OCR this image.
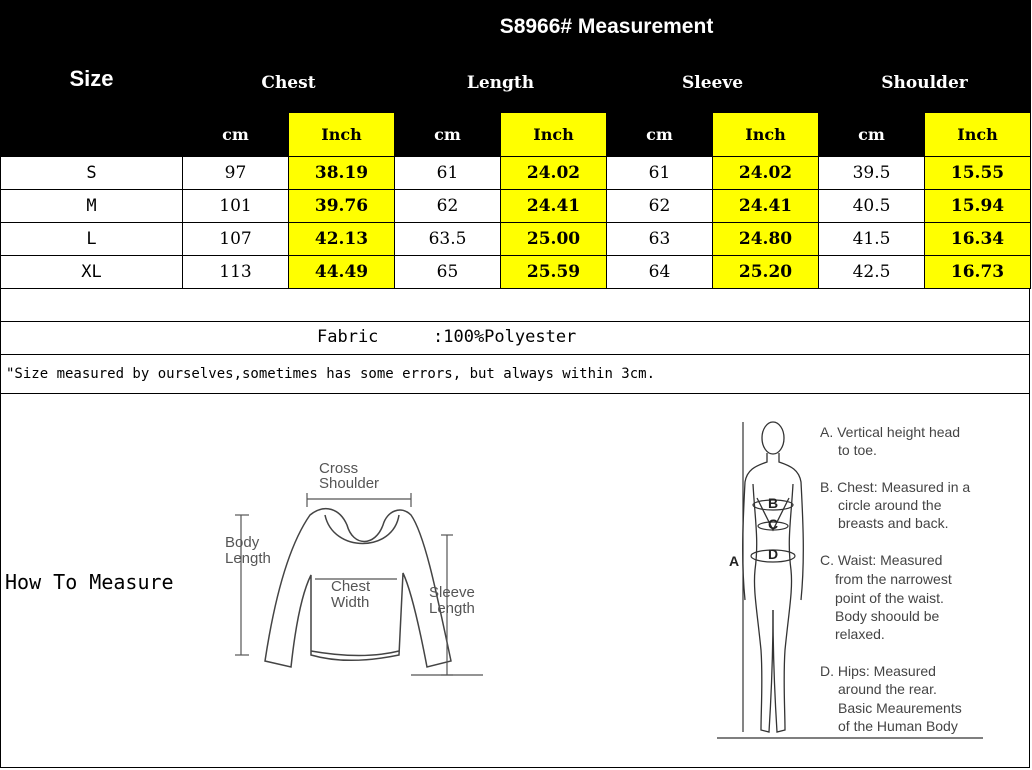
Size	S8966# Measurement							
	Chest		Length		Sleeve		Shoulder	
	cm	Inch	cm	Inch	cm	Inch	cm	Inch
S	97	38.19	61	24.02	61	24.02	39.5	15.55
M	101	39.76	62	24.41	62	24.41	40.5	15.94
L	107	42.13	63.5	25.00	63	24.80	41.5	16.34
XL	113	44.49	65	25.59	64	25.20	42.5	16.73
Fabric	:100%Polyester
"Size measured by ourselves,sometimes has some errors, but always within 3cm.
How To Measure
Cross
Shoulder
Body
Length
Chest
Width
Sleeve
Length
A
B
C
D
A. Vertical height head
to toe.
B. Chest: Measured in a
circle around the
breasts and back.
C. Waist: Measured
from the narrowest
point of the waist.
Body shoould be
relaxed.
D. Hips: Measured
around the rear.
Basic Meaurements
of the Human Body
